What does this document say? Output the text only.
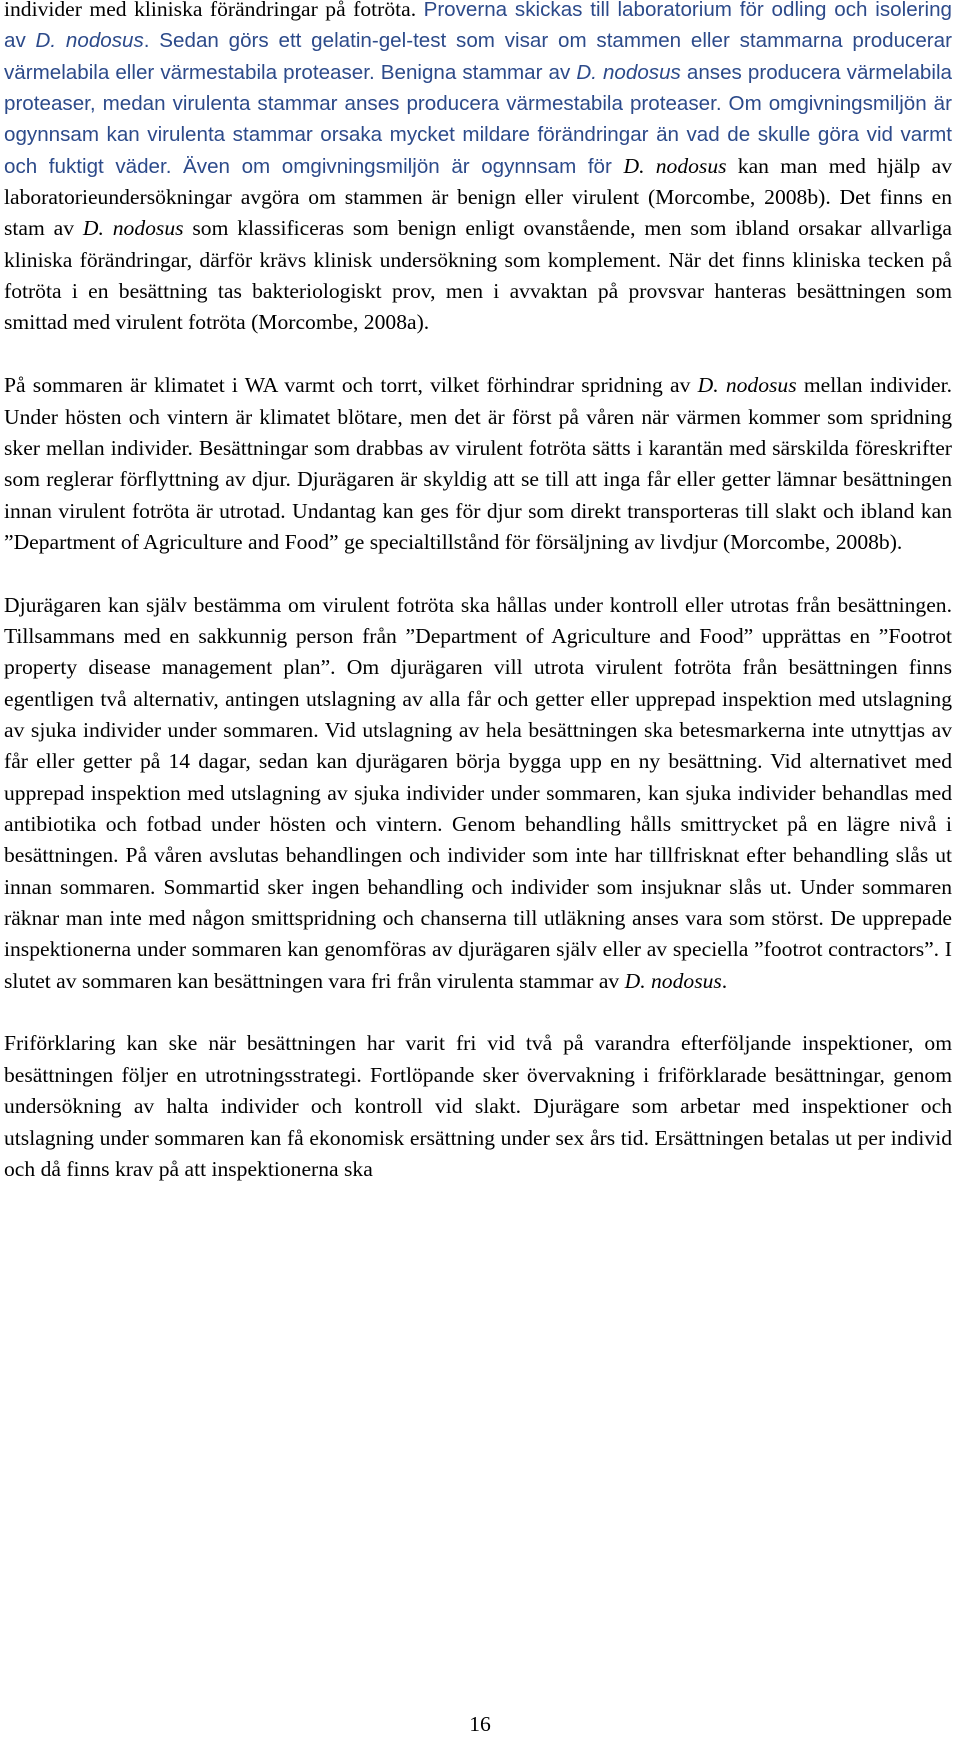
individer med kliniska förändringar på fotröta. Proverna skickas till laboratorium för odling och isolering av D. nodosus. Sedan görs ett gelatin-gel-test som visar om stammen eller stammarna producerar värmelabila eller värmestabila proteaser. Benigna stammar av D. nodosus anses producera värmelabila proteaser, medan virulenta stammar anses producera värmestabila proteaser. Om omgivningsmiljön är ogynnsam kan virulenta stammar orsaka mycket mildare förändringar än vad de skulle göra vid varmt och fuktigt väder. Även om omgivningsmiljön är ogynnsam för D. nodosus kan man med hjälp av laboratorieundersökningar avgöra om stammen är benign eller virulent (Morcombe, 2008b). Det finns en stam av D. nodosus som klassificeras som benign enligt ovanstående, men som ibland orsakar allvarliga kliniska förändringar, därför krävs klinisk undersökning som komplement. När det finns kliniska tecken på fotröta i en besättning tas bakteriologiskt prov, men i avvaktan på provsvar hanteras besättningen som smittad med virulent fotröta (Morcombe, 2008a).

På sommaren är klimatet i WA varmt och torrt, vilket förhindrar spridning av D. nodosus mellan individer. Under hösten och vintern är klimatet blötare, men det är först på våren när värmen kommer som spridning sker mellan individer. Besättningar som drabbas av virulent fotröta sätts i karantän med särskilda föreskrifter som reglerar förflyttning av djur. Djurägaren är skyldig att se till att inga får eller getter lämnar besättningen innan virulent fotröta är utrotad. Undantag kan ges för djur som direkt transporteras till slakt och ibland kan ”Department of Agriculture and Food” ge specialtillstånd för försäljning av livdjur (Morcombe, 2008b).

Djurägaren kan själv bestämma om virulent fotröta ska hållas under kontroll eller utrotas från besättningen. Tillsammans med en sakkunnig person från ”Department of Agriculture and Food” upprättas en ”Footrot property disease management plan”. Om djurägaren vill utrota virulent fotröta från besättningen finns egentligen två alternativ, antingen utslagning av alla får och getter eller upprepad inspektion med utslagning av sjuka individer under sommaren. Vid utslagning av hela besättningen ska betesmarkerna inte utnyttjas av får eller getter på 14 dagar, sedan kan djurägaren börja bygga upp en ny besättning. Vid alternativet med upprepad inspektion med utslagning av sjuka individer under sommaren, kan sjuka individer behandlas med antibiotika och fotbad under hösten och vintern. Genom behandling hålls smittrycket på en lägre nivå i besättningen. På våren avslutas behandlingen och individer som inte har tillfrisknat efter behandling slås ut innan sommaren. Sommartid sker ingen behandling och individer som insjuknar slås ut. Under sommaren räknar man inte med någon smittspridning och chanserna till utläkning anses vara som störst. De upprepade inspektionerna under sommaren kan genomföras av djurägaren själv eller av speciella ”footrot contractors”. I slutet av sommaren kan besättningen vara fri från virulenta stammar av D. nodosus.

Friförklaring kan ske när besättningen har varit fri vid två på varandra efterföljande inspektioner, om besättningen följer en utrotningsstrategi. Fortlöpande sker övervakning i friförklarade besättningar, genom undersökning av halta individer och kontroll vid slakt. Djurägare som arbetar med inspektioner och utslagning under sommaren kan få ekonomisk ersättning under sex års tid. Ersättningen betalas ut per individ och då finns krav på att inspektionerna ska

16
